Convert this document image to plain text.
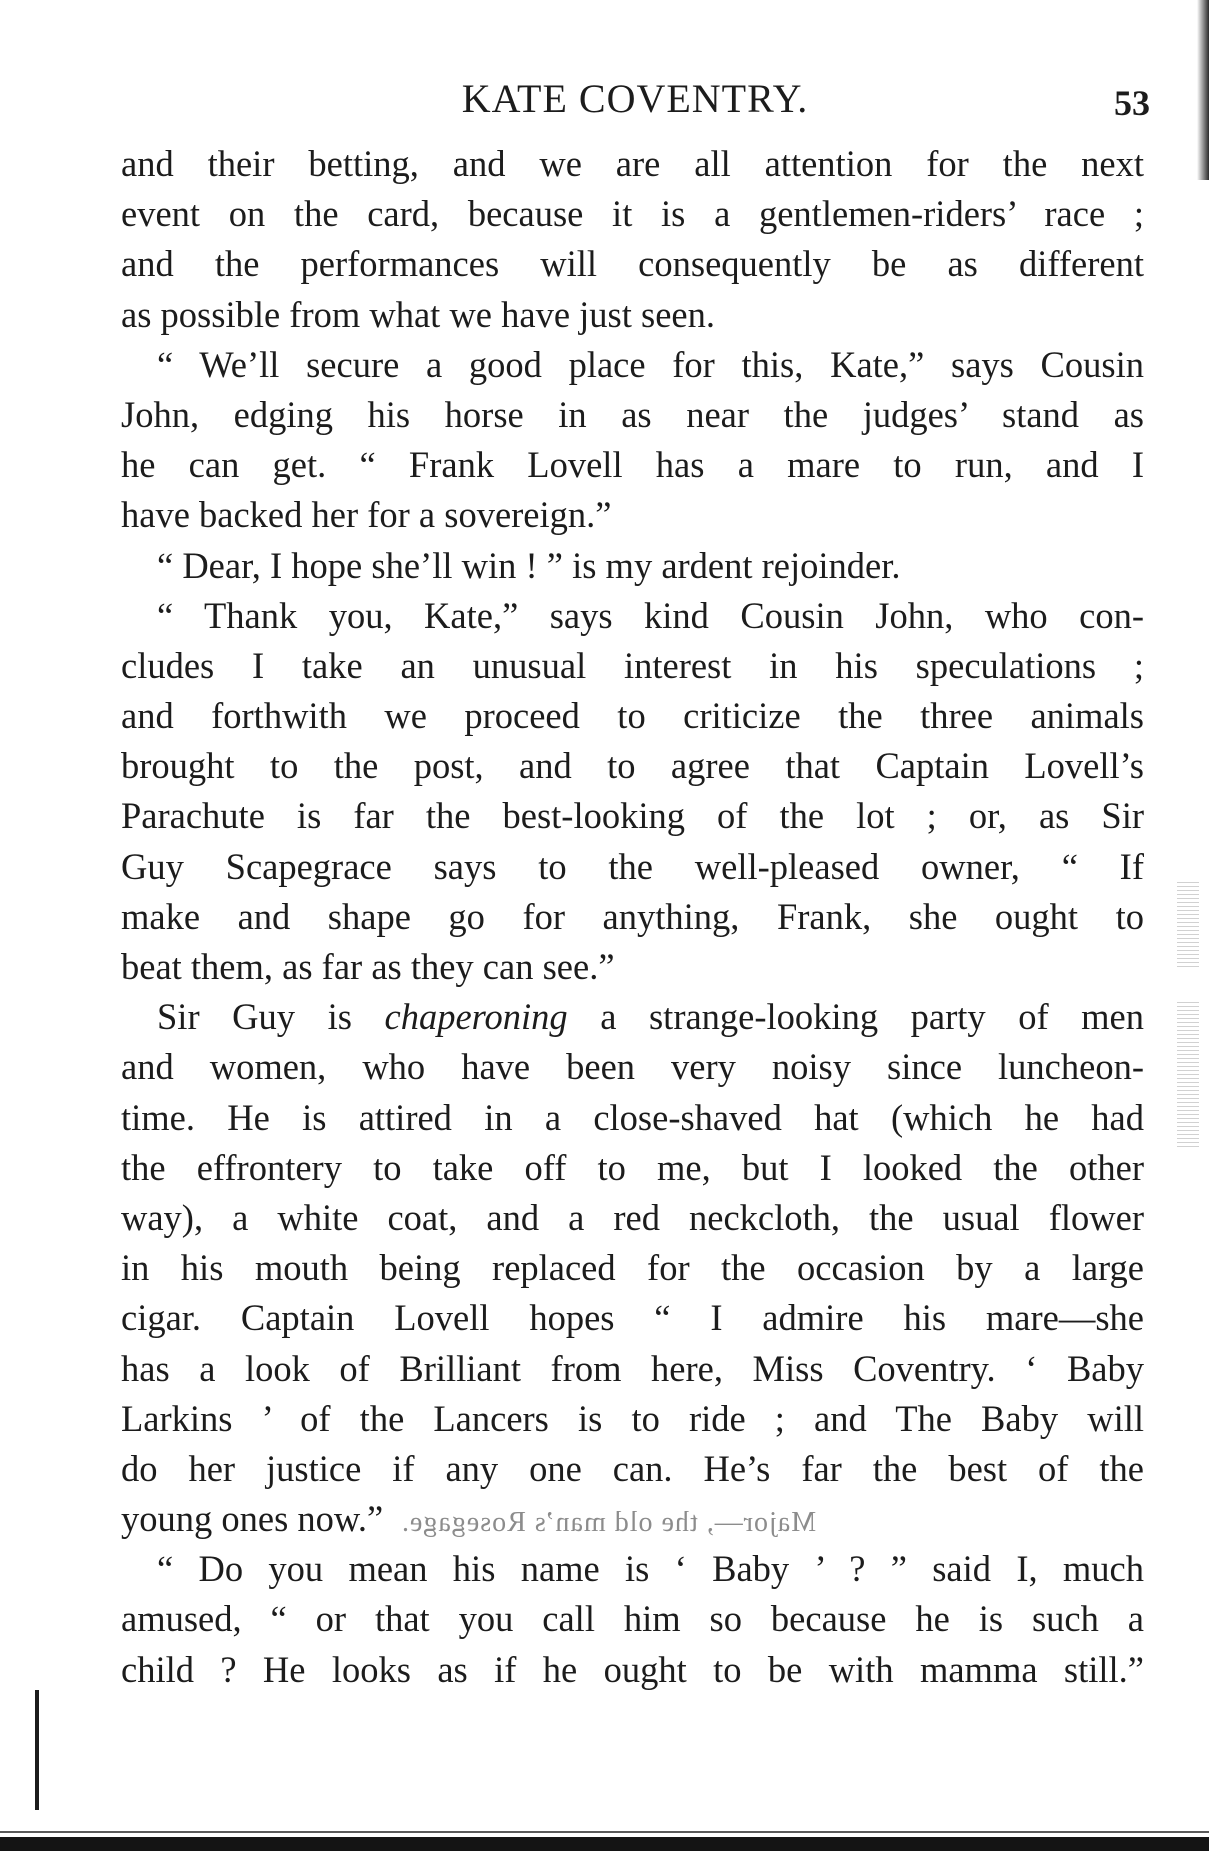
KATE COVENTRY.	53
and their betting, and we are all attention for the next
event on the card, because it is a gentlemen-riders’ race ;
and the performances will consequently be as different
as possible from what we have just seen.
“ We’ll secure a good place for this, Kate,” says Cousin
John, edging his horse in as near the judges’ stand as
he can get. “ Frank Lovell has a mare to run, and I
have backed her for a sovereign.”
“ Dear, I hope she’ll win ! ” is my ardent rejoinder.
“ Thank you, Kate,” says kind Cousin John, who con-
cludes I take an unusual interest in his speculations ;
and forthwith we proceed to criticize the three animals
brought to the post, and to agree that Captain Lovell’s
Parachute is far the best-looking of the lot ; or, as Sir
Guy Scapegrace says to the well-pleased owner, “ If
make and shape go for anything, Frank, she ought to
beat them, as far as they can see.”
Sir Guy is chaperoning a strange-looking party of men
and women, who have been very noisy since luncheon-
time. He is attired in a close-shaved hat (which he had
the effrontery to take off to me, but I looked the other
way), a white coat, and a red neckcloth, the usual flower
in his mouth being replaced for the occasion by a large
cigar. Captain Lovell hopes “ I admire his mare—she
has a look of Brilliant from here, Miss Coventry. ‘ Baby
Larkins ’ of the Lancers is to ride ; and The Baby will
do her justice if any one can. He’s far the best of the
young ones now.” Major—, the old man’s Rosegage.
“ Do you mean his name is ‘ Baby ’ ? ” said I, much
amused, “ or that you call him so because he is such a
child ? He looks as if he ought to be with mamma still.”
